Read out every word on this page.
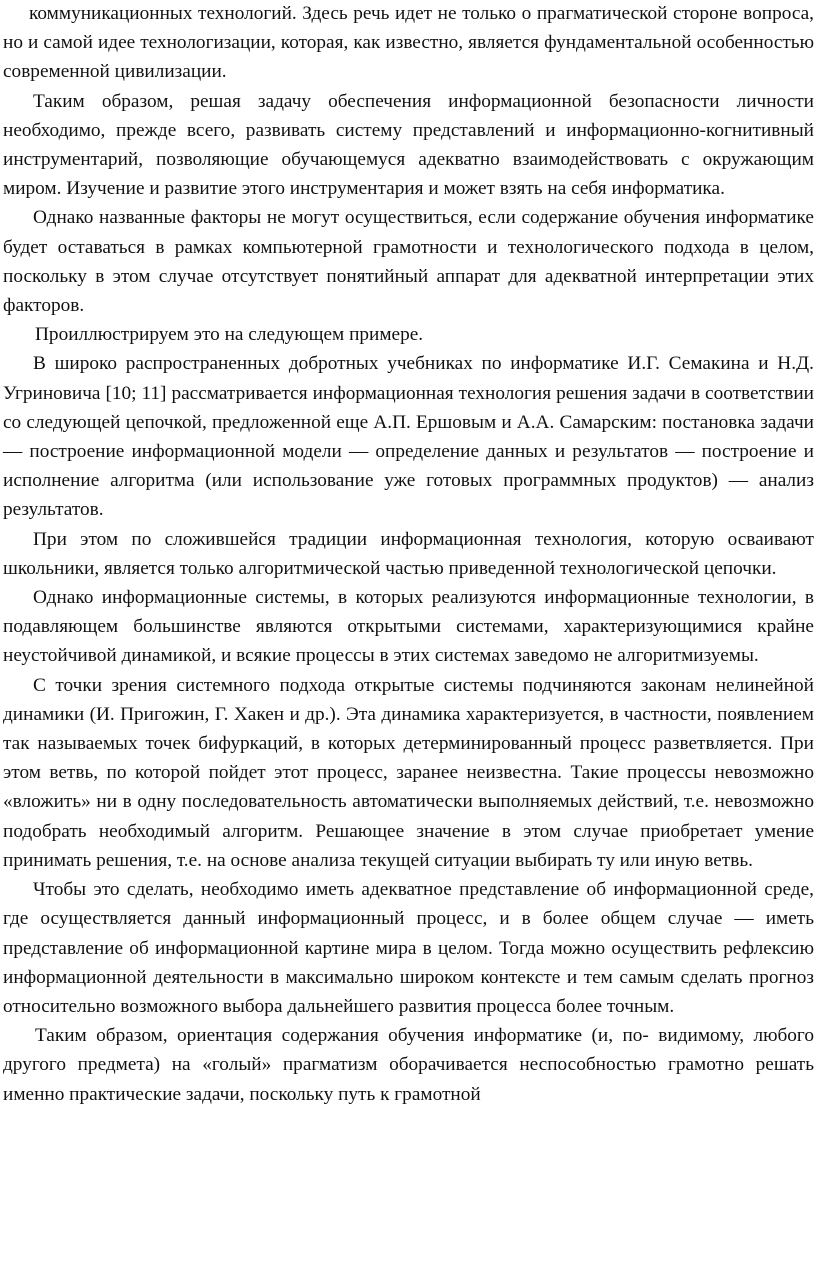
коммуникационных технологий. Здесь речь идет не только о прагматической стороне вопроса, но и самой идее технологизации, которая, как известно, является фундаментальной особенностью современной цивилизации.

Таким образом, решая задачу обеспечения информационной безопасности личности необходимо, прежде всего, развивать систему представлений и информационно-когнитивный инструментарий, позволяющие обучающемуся адекватно взаимодействовать с окружающим миром. Изучение и развитие этого инструментария и может взять на себя информатика.

Однако названные факторы не могут осуществиться, если содержание обучения информатике будет оставаться в рамках компьютерной грамотности и технологического подхода в целом, поскольку в этом случае отсутствует понятийный аппарат для адекватной интерпретации этих факторов.

Проиллюстрируем это на следующем примере.

В широко распространенных добротных учебниках по информатике И.Г. Семакина и Н.Д. Угриновича [10; 11] рассматривается информационная технология решения задачи в соответствии со следующей цепочкой, предложенной еще А.П. Ершовым и А.А. Самарским: постановка задачи — построение информационной модели — определение данных и результатов — построение и исполнение алгоритма (или использование уже готовых программных продуктов) — анализ результатов.

При этом по сложившейся традиции информационная технология, которую осваивают школьники, является только алгоритмической частью приведенной технологической цепочки.

Однако информационные системы, в которых реализуются информационные технологии, в подавляющем большинстве являются открытыми системами, характеризующимися крайне неустойчивой динамикой, и всякие процессы в этих системах заведомо не алгоритмизуемы.

С точки зрения системного подхода открытые системы подчиняются законам нелинейной динамики (И. Пригожин, Г. Хакен и др.). Эта динамика характеризуется, в частности, появлением так называемых точек бифуркаций, в которых детерминированный процесс разветвляется. При этом ветвь, по которой пойдет этот процесс, заранее неизвестна. Такие процессы невозможно «вложить» ни в одну последовательность автоматически выполняемых действий, т.е. невозможно подобрать необходимый алгоритм. Решающее значение в этом случае приобретает умение принимать решения, т.е. на основе анализа текущей ситуации выбирать ту или иную ветвь.

Чтобы это сделать, необходимо иметь адекватное представление об информационной среде, где осуществляется данный информационный процесс, и в более общем случае — иметь представление об информационной картине мира в целом. Тогда можно осуществить рефлексию информационной деятельности в максимально широком контексте и тем самым сделать прогноз относительно возможного выбора дальнейшего развития процесса более точным.

Таким образом, ориентация содержания обучения информатике (и, по- видимому, любого другого предмета) на «голый» прагматизм оборачивается неспособностью грамотно решать именно практические задачи, поскольку путь к грамотной
